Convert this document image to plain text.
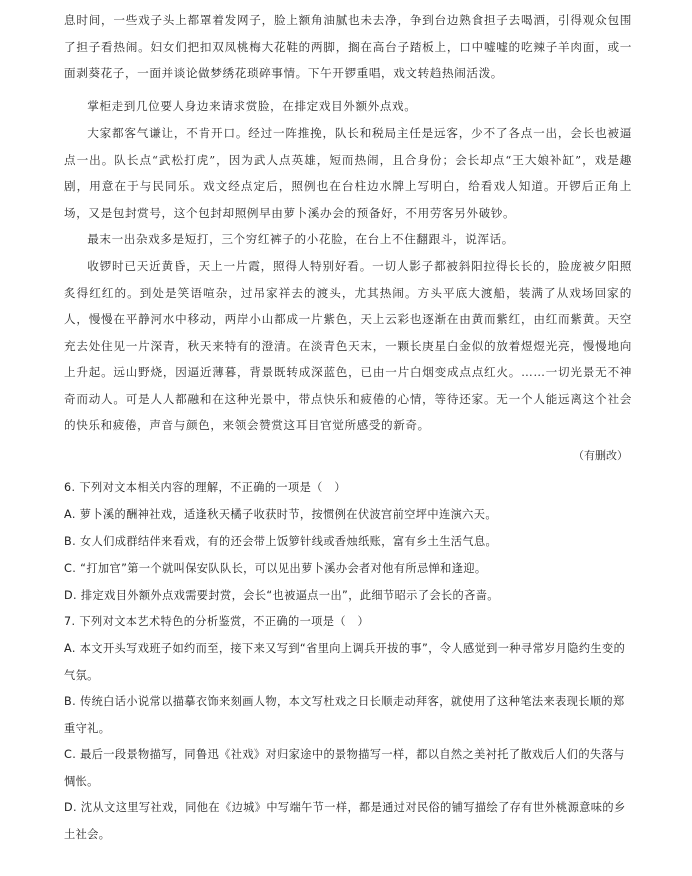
息时间，一些戏子头上都罩着发网子，脸上额角油腻也未去净，争到台边熟食担子去喝酒，引得观众包围了担子看热闹。妇女们把扣双凤桃梅大花鞋的两脚，搁在高台子踏板上，口中嘘嘘的吃辣子羊肉面，或一面剥葵花子，一面并谈论做梦绣花琐碎事情。下午开锣重唱，戏文转趋热闹活泼。

掌柜走到几位要人身边来请求赏脸，在排定戏目外额外点戏。

大家都客气谦让，不肯开口。经过一阵推挽，队长和税局主任是远客，少不了各点一出，会长也被逼点一出。队长点“武松打虎”，因为武人点英雄，短而热闹，且合身份；会长却点“王大娘补缸”，戏是趣剧，用意在于与民同乐。戏文经点定后，照例也在台柱边水牌上写明白，给看戏人知道。开锣后正角上场，又是包封赏号，这个包封却照例早由萝卜溪办会的预备好，不用劳客另外破钞。

最末一出杂戏多是短打，三个穷红裤子的小花脸，在台上不住翻跟斗，说浑话。

收锣时已天近黄昏，天上一片霞，照得人特别好看。一切人影子都被斜阳拉得长长的，脸庞被夕阳照炙得红红的。到处是笑语喧杂，过吊家祥去的渡头，尤其热闹。方头平底大渡船，装满了从戏场回家的人，慢慢在平静河水中移动，两岸小山都成一片紫色，天上云彩也逐渐在由黄而紫红，由红而紫黄。天空充去处住见一片深青，秋天来特有的澄清。在淡青色天末，一颗长庚星白金似的放着煜煜光亮，慢慢地向上升起。远山野烧，因逼近薄暮，背景既转成深蓝色，已由一片白烟变成点点红火。……一切光景无不神奇而动人。可是人人都融和在这种光景中，带点快乐和疲倦的心情，等待还家。无一个人能远离这个社会的快乐和疲倦，声音与颜色，来领会赞赏这耳目官觉所感受的新奇。

（有删改）

6. 下列对文本相关内容的理解，不正确的一项是（　）

A. 萝卜溪的酬神社戏，适逢秋天橘子收获时节，按惯例在伏波宫前空坪中连演六天。

B. 女人们成群结伴来看戏，有的还会带上饭箩针线或香烛纸账，富有乡土生活气息。

C. “打加官”第一个就叫保安队队长，可以见出萝卜溪办会者对他有所忌惮和逢迎。

D. 排定戏目外额外点戏需要封赏，会长“也被逼点一出”，此细节昭示了会长的吝啬。

7. 下列对文本艺术特色的分析鉴赏，不正确的一项是（　）

A. 本文开头写戏班子如约而至，接下来又写到“省里向上调兵开拔的事”，令人感觉到一种寻常岁月隐约生变的气氛。

B. 传统白话小说常以描摹衣饰来刻画人物，本文写杜戏之日长顺走动拜客，就使用了这种笔法来表现长顺的郑重守礼。

C. 最后一段景物描写，同鲁迅《社戏》对归家途中的景物描写一样，都以自然之美衬托了散戏后人们的失落与惆怅。

D. 沈从文这里写社戏，同他在《边城》中写端午节一样，都是通过对民俗的铺写描绘了存有世外桃源意味的乡土社会。
